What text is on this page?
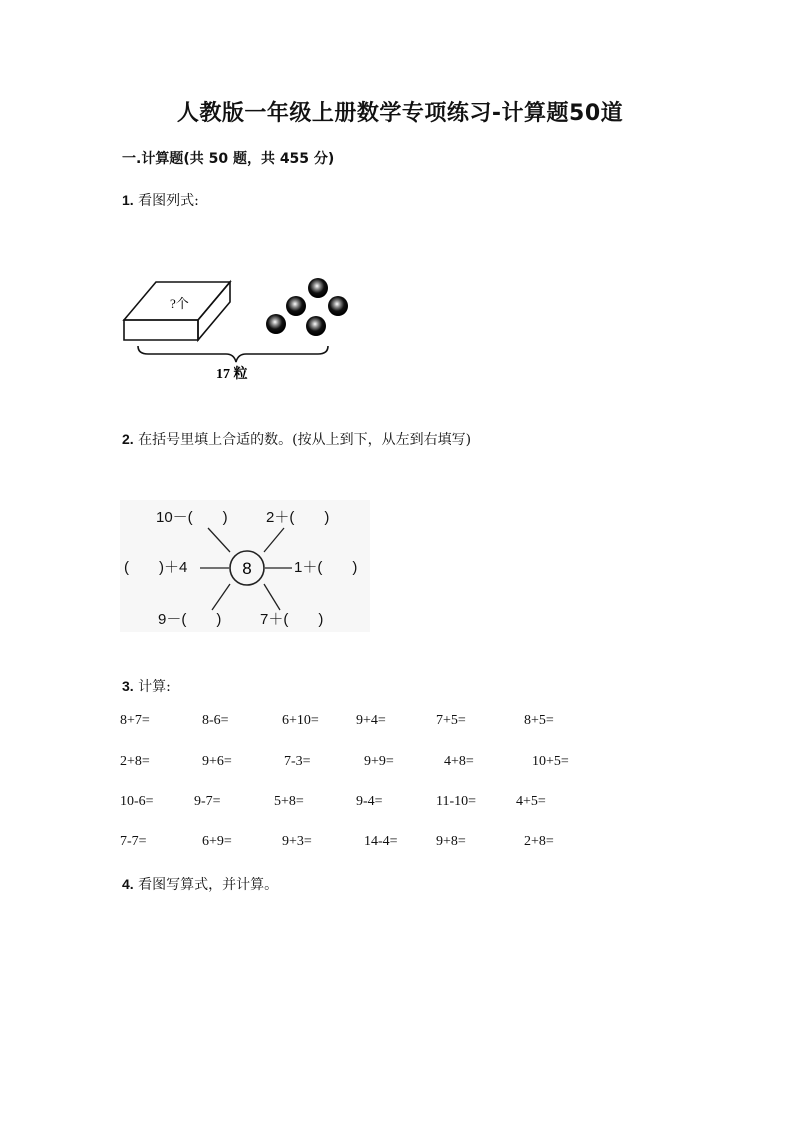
人教版一年级上册数学专项练习-计算题50道
一.计算题(共 50 题，共 455 分)
1. 看图列式:
?个
17 粒
2. 在括号里填上合适的数。(按从上到下，从左到右填写)
8
10－(　　)	2＋(　　)
(　　)＋4	1＋(　　)
9－(　　)	7＋(　　)
3. 计算:
8+7=	8-6=	6+10=	9+4=	7+5=	8+5=
2+8=	9+6=	7-3=	9+9=	4+8=	10+5=
10-6=	9-7=	5+8=	9-4=	11-10=	4+5=
7-7=	6+9=	9+3=	14-4=	9+8=	2+8=
4. 看图写算式，并计算。
